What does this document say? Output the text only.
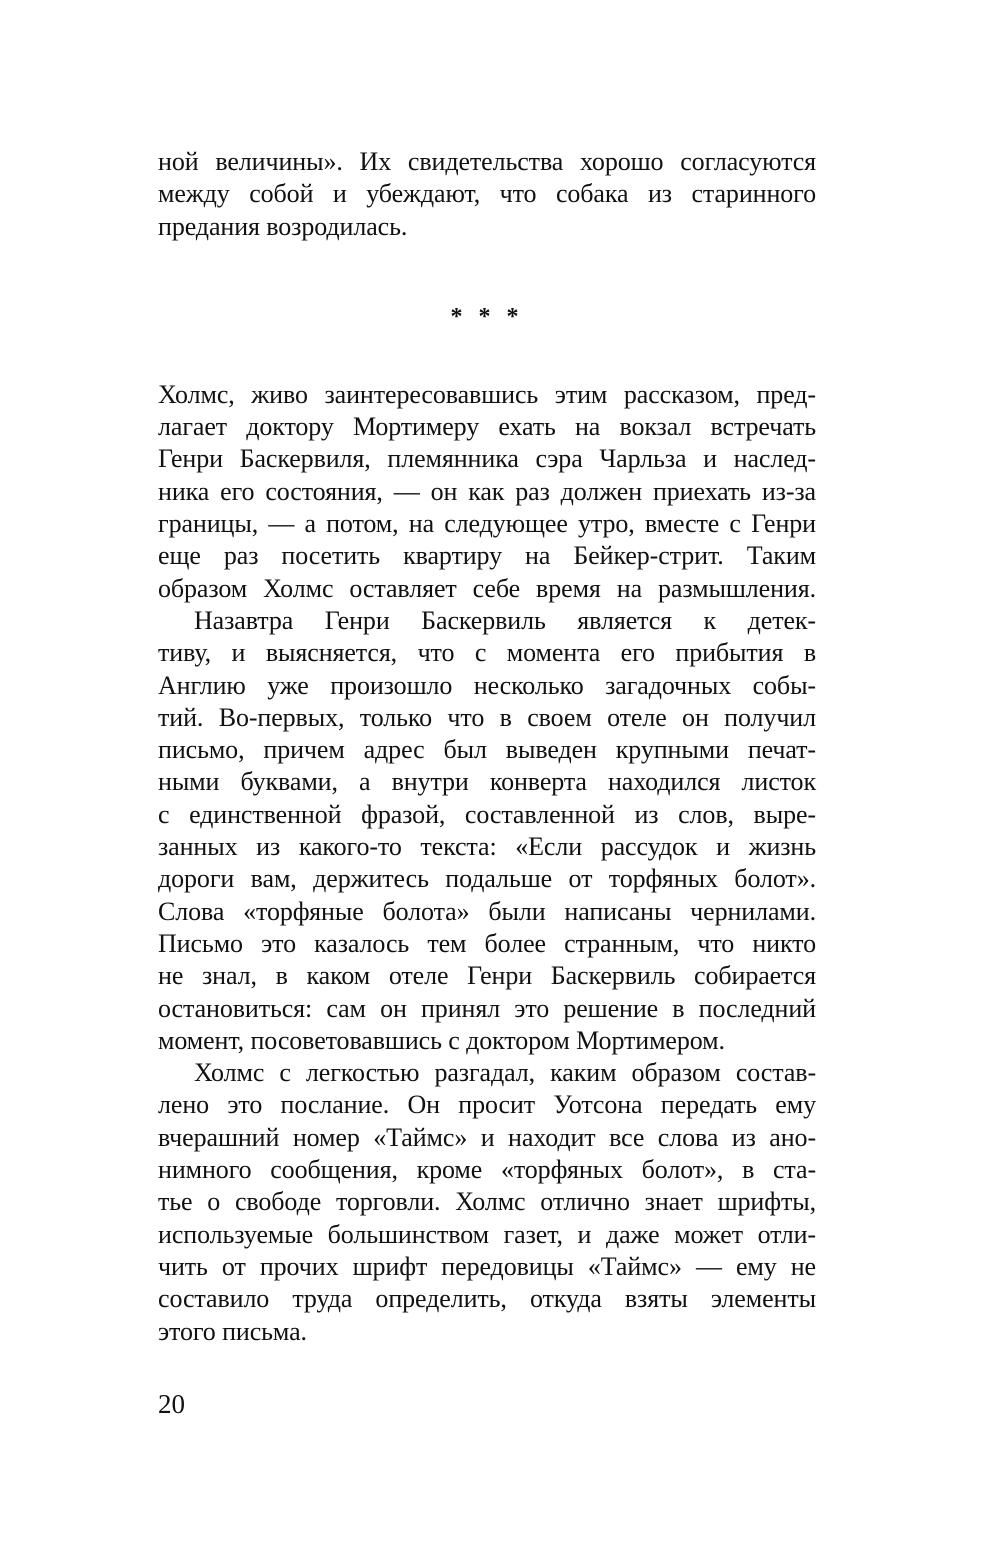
ной величины». Их свидетельства хорошо согласуются
между собой и убеждают, что собака из старинного
предания возродилась.
* * *
Холмс, живо заинтересовавшись этим рассказом, пред-
лагает доктору Мортимеру ехать на вокзал встречать
Генри Баскервиля, племянника сэра Чарльза и наслед-
ника его состояния, — он как раз должен приехать из-за
границы, — а потом, на следующее утро, вместе с Генри
еще раз посетить квартиру на Бейкер-стрит. Таким
образом Холмс оставляет себе время на размышления.
Назавтра Генри Баскервиль является к детек-
тиву, и выясняется, что с момента его прибытия в
Англию уже произошло несколько загадочных собы-
тий. Во-первых, только что в своем отеле он получил
письмо, причем адрес был выведен крупными печат-
ными буквами, а внутри конверта находился листок
с единственной фразой, составленной из слов, выре-
занных из какого-то текста: «Если рассудок и жизнь
дороги вам, держитесь подальше от торфяных болот».
Слова «торфяные болота» были написаны чернилами.
Письмо это казалось тем более странным, что никто
не знал, в каком отеле Генри Баскервиль собирается
остановиться: сам он принял это решение в последний
момент, посоветовавшись с доктором Мортимером.
Холмс с легкостью разгадал, каким образом состав-
лено это послание. Он просит Уотсона передать ему
вчерашний номер «Таймс» и находит все слова из ано-
нимного сообщения, кроме «торфяных болот», в ста-
тье о свободе торговли. Холмс отлично знает шрифты,
используемые большинством газет, и даже может отли-
чить от прочих шрифт передовицы «Таймс» — ему не
составило труда определить, откуда взяты элементы
этого письма.
20
